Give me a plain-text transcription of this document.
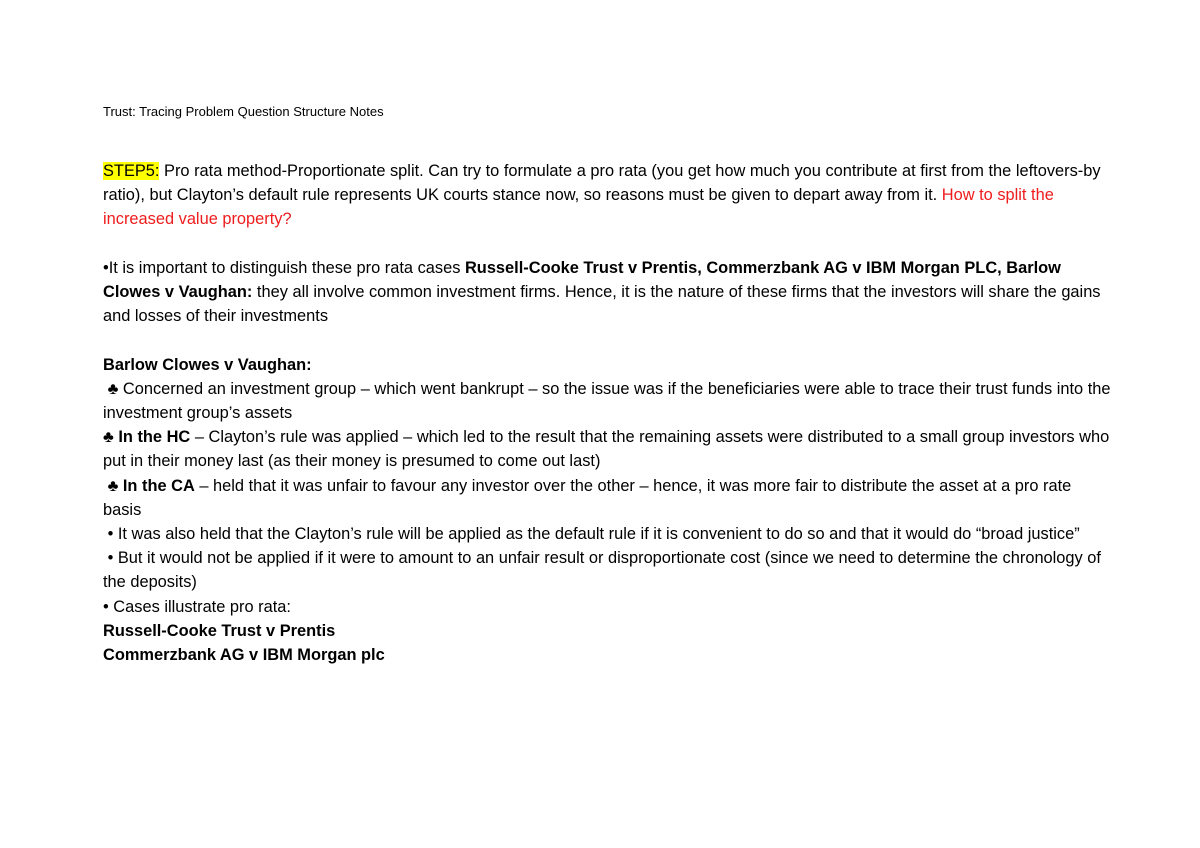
Trust: Tracing Problem Question Structure Notes

STEP5: Pro rata method-Proportionate split. Can try to formulate a pro rata (you get how much you contribute at first from the leftovers-by ratio), but Clayton’s default rule represents UK courts stance now, so reasons must be given to depart away from it. How to split the increased value property?

•It is important to distinguish these pro rata cases Russell-Cooke Trust v Prentis, Commerzbank AG v IBM Morgan PLC, Barlow Clowes v Vaughan: they all involve common investment firms. Hence, it is the nature of these firms that the investors will share the gains and losses of their investments

Barlow Clowes v Vaughan:

♣ Concerned an investment group – which went bankrupt – so the issue was if the beneficiaries were able to trace their trust funds into the investment group’s assets

♣ In the HC – Clayton’s rule was applied – which led to the result that the remaining assets were distributed to a small group investors who put in their money last (as their money is presumed to come out last)

♣ In the CA – held that it was unfair to favour any investor over the other – hence, it was more fair to distribute the asset at a pro rate basis

• It was also held that the Clayton’s rule will be applied as the default rule if it is convenient to do so and that it would do “broad justice”

• But it would not be applied if it were to amount to an unfair result or disproportionate cost (since we need to determine the chronology of the deposits)

• Cases illustrate pro rata:

Russell-Cooke Trust v Prentis

Commerzbank AG v IBM Morgan plc
